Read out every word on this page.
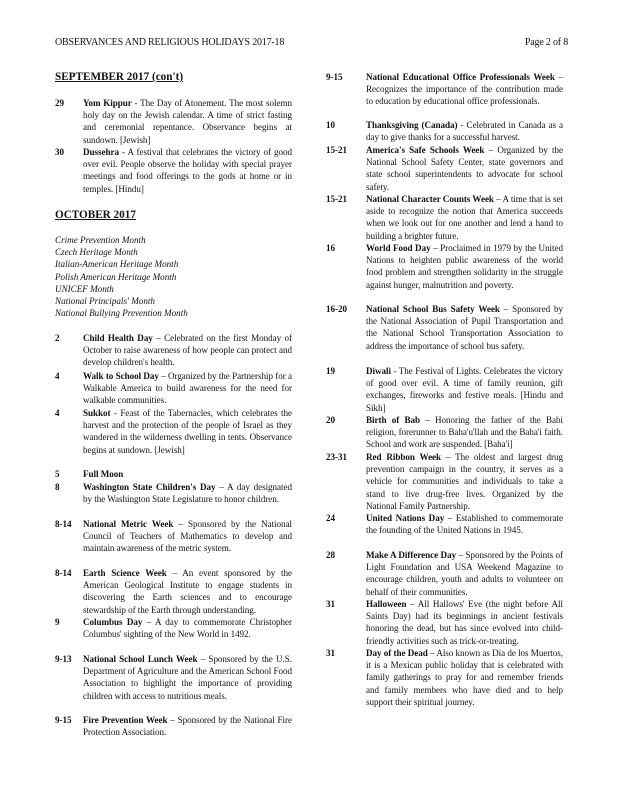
OBSERVANCES AND RELIGIOUS HOLIDAYS 2017-18	Page 2 of 8
SEPTEMBER 2017 (con't)
29 Yom Kippur - The Day of Atonement. The most solemn holy day on the Jewish calendar. A time of strict fasting and ceremonial repentance. Observance begins at sundown. [Jewish]
30 Dussehra - A festival that celebrates the victory of good over evil. People observe the holiday with special prayer meetings and food offerings to the gods at home or in temples. [Hindu]
OCTOBER 2017
Crime Prevention Month
Czech Heritage Month
Italian-American Heritage Month
Polish American Heritage Month
UNICEF Month
National Principals' Month
National Bullying Prevention Month
2	Child Health Day – Celebrated on the first Monday of October to raise awareness of how people can protect and develop children's health.
4	Walk to School Day – Organized by the Partnership for a Walkable America to build awareness for the need for walkable communities.
4	Sukkot - Feast of the Tabernacles, which celebrates the harvest and the protection of the people of Israel as they wandered in the wilderness dwelling in tents. Observance begins at sundown. [Jewish]
5	Full Moon
8	Washington State Children's Day – A day designated by the Washington State Legislature to honor children.
8-14 National Metric Week – Sponsored by the National Council of Teachers of Mathematics to develop and maintain awareness of the metric system.
8-14 Earth Science Week – An event sponsored by the American Geological Institute to engage students in discovering the Earth sciences and to encourage stewardship of the Earth through understanding.
9	Columbus Day – A day to commemorate Christopher Columbus' sighting of the New World in 1492.
9-13 National School Lunch Week – Sponsored by the U.S. Department of Agriculture and the American School Food Association to highlight the importance of providing children with access to nutritious meals.
9-15 Fire Prevention Week – Sponsored by the National Fire Protection Association.
9-15	National Educational Office Professionals Week – Recognizes the importance of the contribution made to education by educational office professionals.
10	Thanksgiving (Canada) - Celebrated in Canada as a day to give thanks for a successful harvest.
15-21 America's Safe Schools Week – Organized by the National School Safety Center, state governors and state school superintendents to advocate for school safety.
15-21 National Character Counts Week – A time that is set aside to recognize the notion that America succeeds when we look out for one another and lend a hand to building a brighter future.
16	World Food Day – Proclaimed in 1979 by the United Nations to heighten public awareness of the world food problem and strengthen solidarity in the struggle against hunger, malnutrition and poverty.
16-20 National School Bus Safety Week – Sponsored by the National Association of Pupil Transportation and the National School Transportation Association to address the importance of school bus safety.
19	Diwali - The Festival of Lights. Celebrates the victory of good over evil. A time of family reunion, gift exchanges, fireworks and festive meals. [Hindu and Sikh]
20	Birth of Bab – Honoring the father of the Babi religion, forerunner to Baha'u'llah and the Baha'i faith. School and work are suspended. [Baha'i]
23-31 Red Ribbon Week – The oldest and largest drug prevention campaign in the country, it serves as a vehicle for communities and individuals to take a stand to live drug-free lives. Organized by the National Family Partnership.
24	United Nations Day – Established to commemorate the founding of the United Nations in 1945.
28	Make A Difference Day – Sponsored by the Points of Light Foundation and USA Weekend Magazine to encourage children, youth and adults to volunteer on behalf of their communities.
31	Halloween – All Hallows' Eve (the night before All Saints Day) had its beginnings in ancient festivals honoring the dead, but has since evolved into child-friendly activities such as trick-or-treating.
31	Day of the Dead – Also known as Dia de los Muertos, it is a Mexican public holiday that is celebrated with family gatherings to pray for and remember friends and family members who have died and to help support their spiritual journey.
